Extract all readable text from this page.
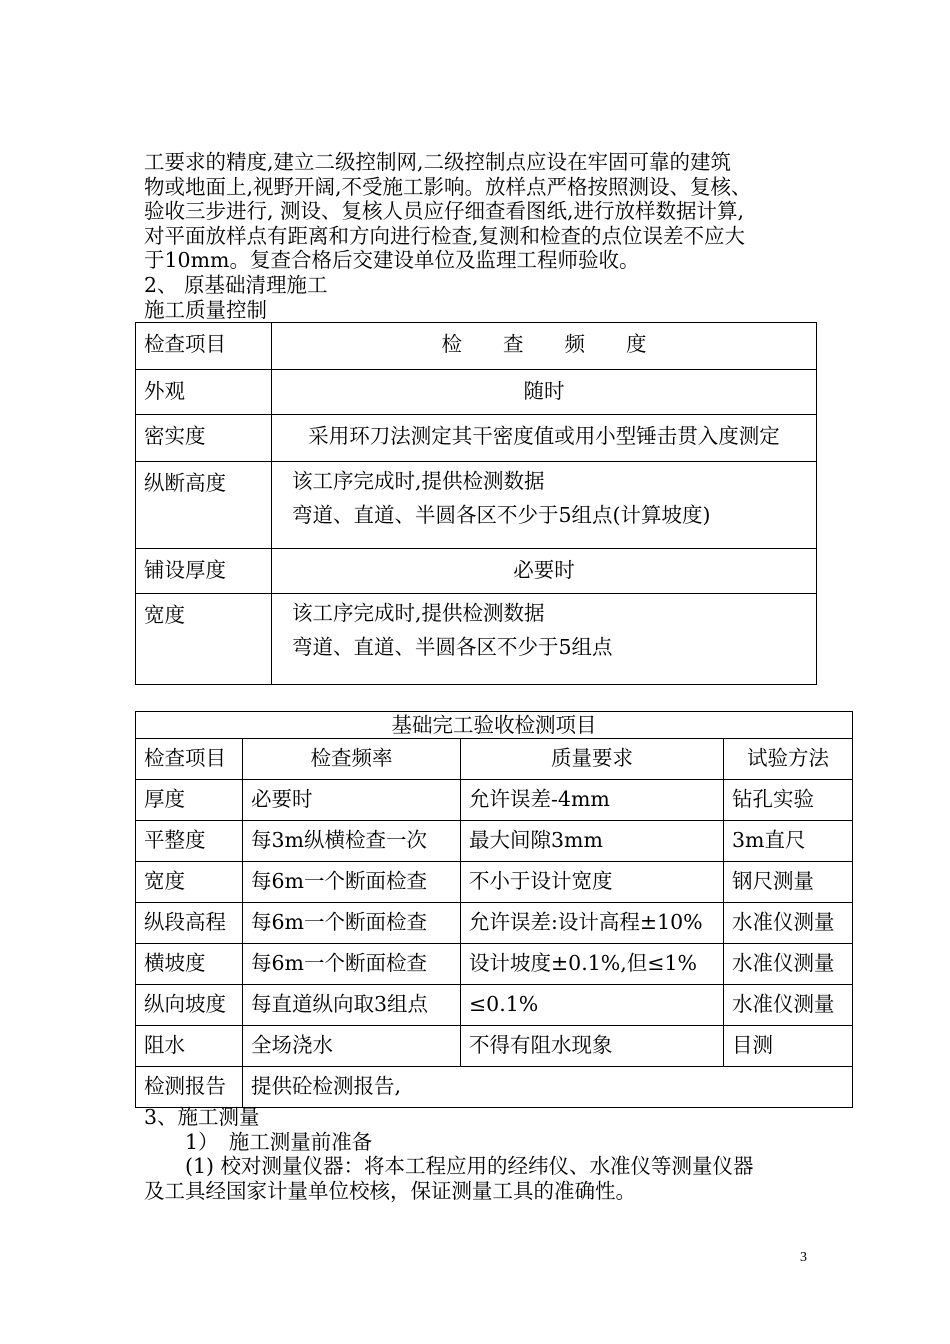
工要求的精度,建立二级控制网,二级控制点应设在牢固可靠的建筑
物或地面上,视野开阔,不受施工影响。放样点严格按照测设、复核、
验收三步进行, 测设、复核人员应仔细查看图纸,进行放样数据计算,
对平面放样点有距离和方向进行检查,复测和检查的点位误差不应大
于10mm。复查合格后交建设单位及监理工程师验收。
2、 原基础清理施工
施工质量控制
检查项目	检　　查　　频　　度
外观	随时
密实度	采用环刀法测定其干密度值或用小型锤击贯入度测定
纵断高度	该工序完成时,提供检测数据
弯道、直道、半圆各区不少于5组点(计算坡度)

铺设厚度	必要时
宽度	该工序完成时,提供检测数据
弯道、直道、半圆各区不少于5组点
基础完工验收检测项目			
检查项目	检查频率	质量要求	试验方法
厚度	必要时	允许误差-4mm	钻孔实验
平整度	每3m纵横检查一次	最大间隙3mm	3m直尺
宽度	每6m一个断面检查	不小于设计宽度	钢尺测量
纵段高程	每6m一个断面检查	允许误差:设计高程±10%	水准仪测量
横坡度	每6m一个断面检查	设计坡度±0.1%,但≤1%	水准仪测量
纵向坡度	每直道纵向取3组点	≤0.1%	水准仪测量
阻水	全场浇水	不得有阻水现象	目测
检测报告	提供砼检测报告,		
3、施工测量
　　1）　施工测量前准备
　　(1) 校对测量仪器：将本工程应用的经纬仪、水准仪等测量仪器
及工具经国家计量单位校核，保证测量工具的准确性。
3
